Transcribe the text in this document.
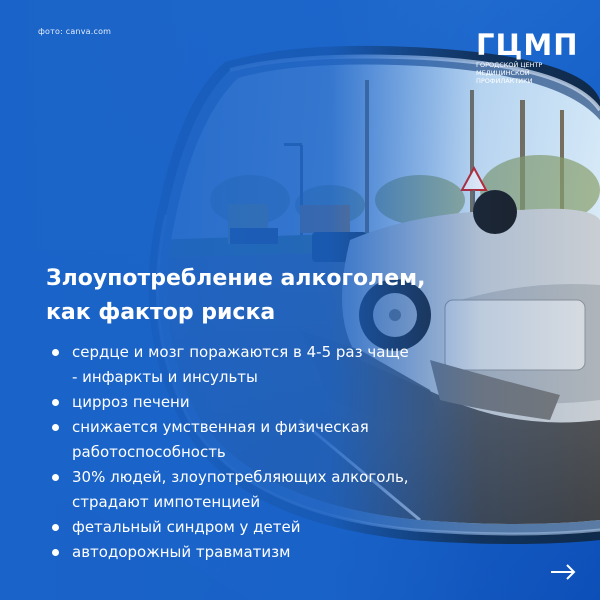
фото: canva.com	ГЦМП
ГОРОДСКОЙ ЦЕНТР
МЕДИЦИНСКОЙ
ПРОФИЛАКТИКИ
Злоупотребление алкоголем,
как фактор риска
сердце и мозг поражаются в 4-5 раз чаще - инфаркты и инсульты
цирроз печени
снижается умственная и физическая работоспособность
30% людей, злоупотребляющих алкоголь, страдают импотенцией
фетальный синдром у детей
автодорожный травматизм
